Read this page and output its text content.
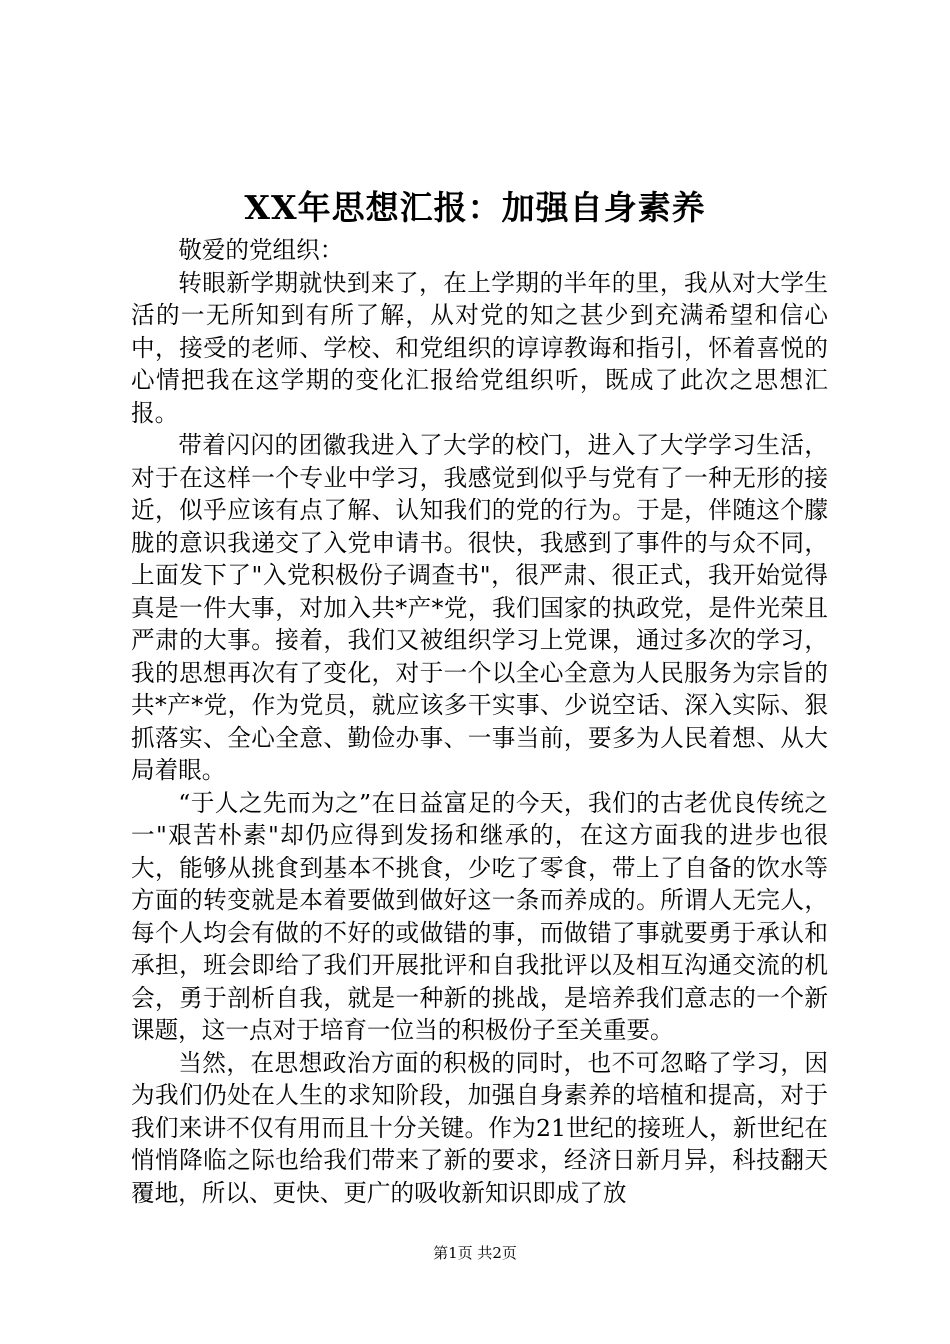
XX年思想汇报：加强自身素养

敬爱的党组织：

转眼新学期就快到来了，在上学期的半年的里，我从对大学生活的一无所知到有所了解，从对党的知之甚少到充满希望和信心中，接受的老师、学校、和党组织的谆谆教诲和指引，怀着喜悦的心情把我在这学期的变化汇报给党组织听，既成了此次之思想汇报。

带着闪闪的团徽我进入了大学的校门，进入了大学学习生活，对于在这样一个专业中学习，我感觉到似乎与党有了一种无形的接近，似乎应该有点了解、认知我们的党的行为。于是，伴随这个朦胧的意识我递交了入党申请书。很快，我感到了事件的与众不同，上面发下了"入党积极份子调查书"，很严肃、很正式，我开始觉得真是一件大事，对加入共*产*党，我们国家的执政党，是件光荣且严肃的大事。接着，我们又被组织学习上党课，通过多次的学习，我的思想再次有了变化，对于一个以全心全意为人民服务为宗旨的共*产*党，作为党员，就应该多干实事、少说空话、深入实际、狠抓落实、全心全意、勤俭办事、一事当前，要多为人民着想、从大局着眼。

“于人之先而为之”在日益富足的今天，我们的古老优良传统之一"艰苦朴素"却仍应得到发扬和继承的，在这方面我的进步也很大，能够从挑食到基本不挑食，少吃了零食，带上了自备的饮水等方面的转变就是本着要做到做好这一条而养成的。所谓人无完人，每个人均会有做的不好的或做错的事，而做错了事就要勇于承认和承担，班会即给了我们开展批评和自我批评以及相互沟通交流的机会，勇于剖析自我，就是一种新的挑战，是培养我们意志的一个新课题，这一点对于培育一位当的积极份子至关重要。

当然，在思想政治方面的积极的同时，也不可忽略了学习，因为我们仍处在人生的求知阶段，加强自身素养的培植和提高，对于我们来讲不仅有用而且十分关键。作为21世纪的接班人，新世纪在悄悄降临之际也给我们带来了新的要求，经济日新月异，科技翻天覆地，所以、更快、更广的吸收新知识即成了放

第1页 共2页
